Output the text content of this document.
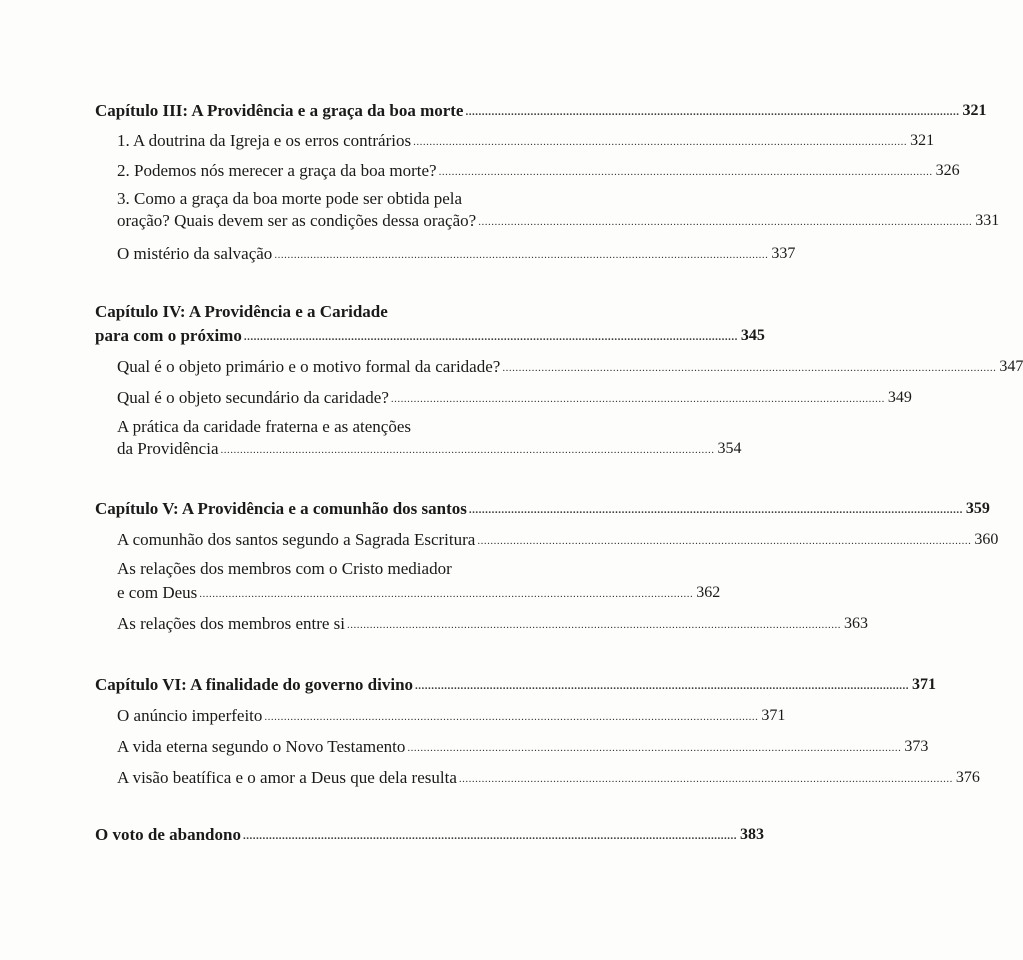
Capítulo III: A Providência e a graça da boa morte ........................................................................................................................................................ 321
1. A doutrina da Igreja e os erros contrários ........................................................................................................................................................ 321
2. Podemos nós merecer a graça da boa morte? ........................................................................................................................................................ 326
3. Como a graça da boa morte pode ser obtida pela
oração? Quais devem ser as condições dessa oração? ........................................................................................................................................................ 331
O mistério da salvação ........................................................................................................................................................ 337
Capítulo IV: A Providência e a Caridade
para com o próximo ........................................................................................................................................................ 345
Qual é o objeto primário e o motivo formal da caridade? ........................................................................................................................................................ 347
Qual é o objeto secundário da caridade? ........................................................................................................................................................ 349
A prática da caridade fraterna e as atenções
da Providência ........................................................................................................................................................ 354
Capítulo V: A Providência e a comunhão dos santos ........................................................................................................................................................ 359
A comunhão dos santos segundo a Sagrada Escritura ........................................................................................................................................................ 360
As relações dos membros com o Cristo mediador
e com Deus ........................................................................................................................................................ 362
As relações dos membros entre si ........................................................................................................................................................ 363
Capítulo VI: A finalidade do governo divino ........................................................................................................................................................ 371
O anúncio imperfeito ........................................................................................................................................................ 371
A vida eterna segundo o Novo Testamento ........................................................................................................................................................ 373
A visão beatífica e o amor a Deus que dela resulta ........................................................................................................................................................ 376
O voto de abandono ........................................................................................................................................................ 383
